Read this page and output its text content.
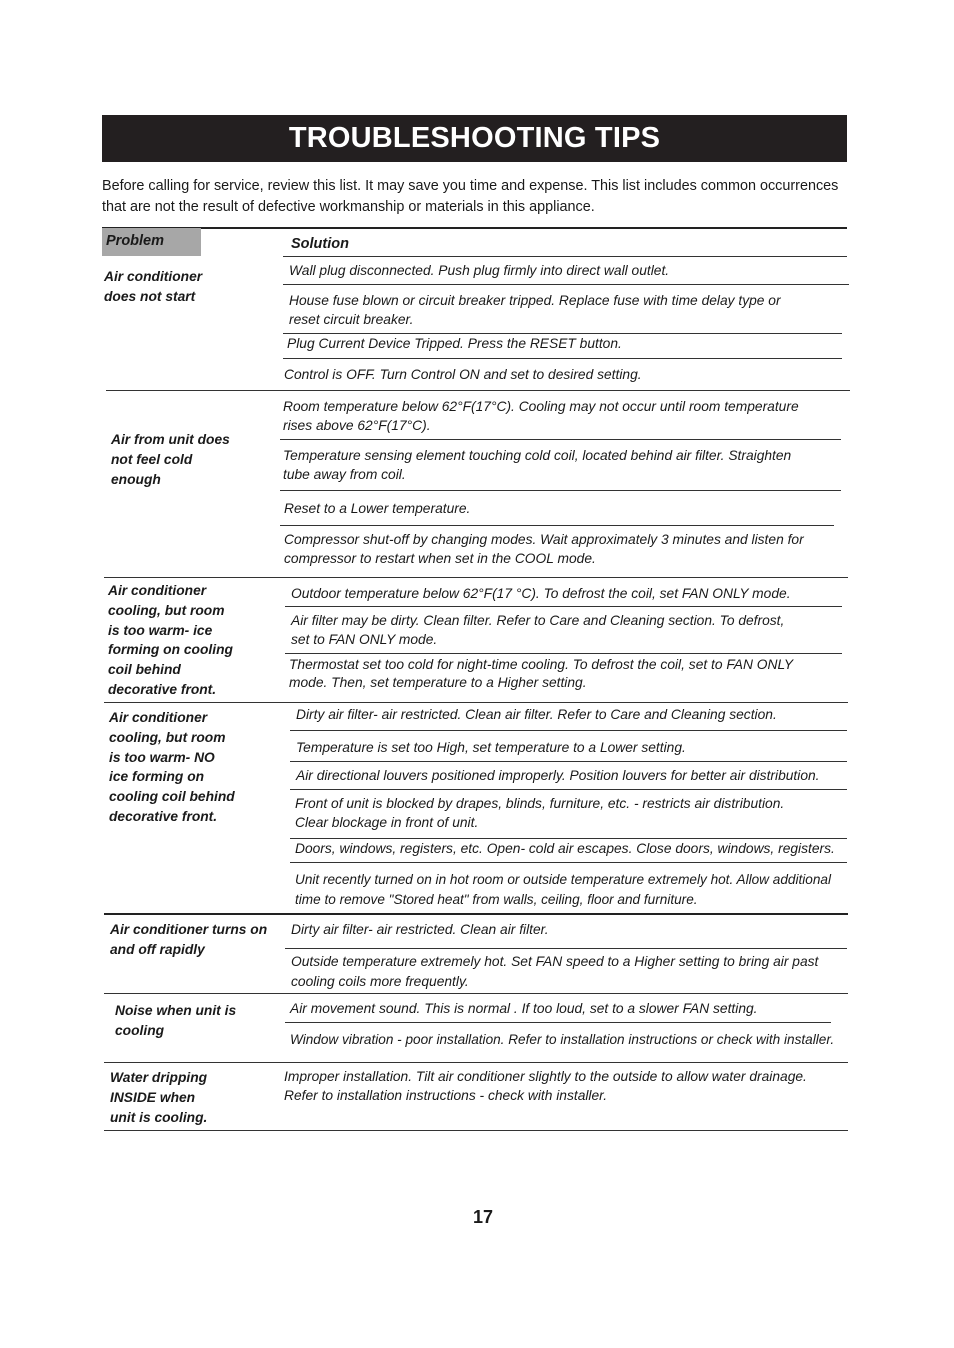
TROUBLESHOOTING TIPS
Before calling for service, review this list. It may save you time and expense. This list includes common occurrences that are not the result of defective workmanship or materials in this appliance.
Problem	Solution
Air conditioner
does not start
Wall plug disconnected. Push plug firmly into direct wall outlet.
House fuse blown or circuit breaker tripped. Replace fuse with time delay type or
reset circuit breaker.
Plug Current Device Tripped. Press the RESET button.
Control is OFF. Turn Control ON and set to desired setting.
Air from unit does
not feel cold
enough
Room temperature below 62°F(17°C). Cooling may not occur until room temperature
rises above 62°F(17°C).
Temperature sensing element touching cold coil, located behind air filter. Straighten
tube away from coil.
Reset to a Lower temperature.
Compressor shut-off by changing modes. Wait approximately 3 minutes and listen for
compressor to restart when set in the COOL mode.
Air conditioner
cooling, but room
is too warm- ice
forming on cooling
coil behind
decorative front.
Outdoor temperature below 62°F(17 °C). To defrost the coil, set FAN ONLY mode.
Air filter may be dirty. Clean filter. Refer to Care and Cleaning section. To defrost,
set to FAN ONLY mode.
Thermostat set too cold for night-time cooling. To defrost the coil, set to FAN ONLY
mode. Then, set temperature to a Higher setting.
Air conditioner
cooling, but room
is too warm- NO
ice forming on
cooling coil behind
decorative front.
Dirty air filter- air restricted. Clean air filter. Refer to Care and Cleaning section.
Temperature is set too High, set temperature to a Lower setting.
Air directional louvers positioned improperly. Position louvers for better air distribution.
Front of unit is blocked by drapes, blinds, furniture, etc. - restricts air distribution.
Clear blockage in front of unit.
Doors, windows, registers, etc. Open- cold air escapes. Close doors, windows, registers.
Unit recently turned on in hot room or outside temperature extremely hot. Allow additional
time to remove "Stored heat" from walls, ceiling, floor and furniture.
Air conditioner turns on
and off rapidly
Dirty air filter- air restricted. Clean air filter.
Outside temperature extremely hot. Set FAN speed to a Higher setting to bring air past
cooling coils more frequently.
Noise when unit is
cooling
Air movement sound. This is normal . If too loud, set to a slower FAN setting.
Window vibration - poor installation. Refer to installation instructions or check with installer.
Water dripping
INSIDE when
unit is cooling.
Improper installation. Tilt air conditioner slightly to the outside to allow water drainage.
Refer to installation instructions - check with installer.
17
